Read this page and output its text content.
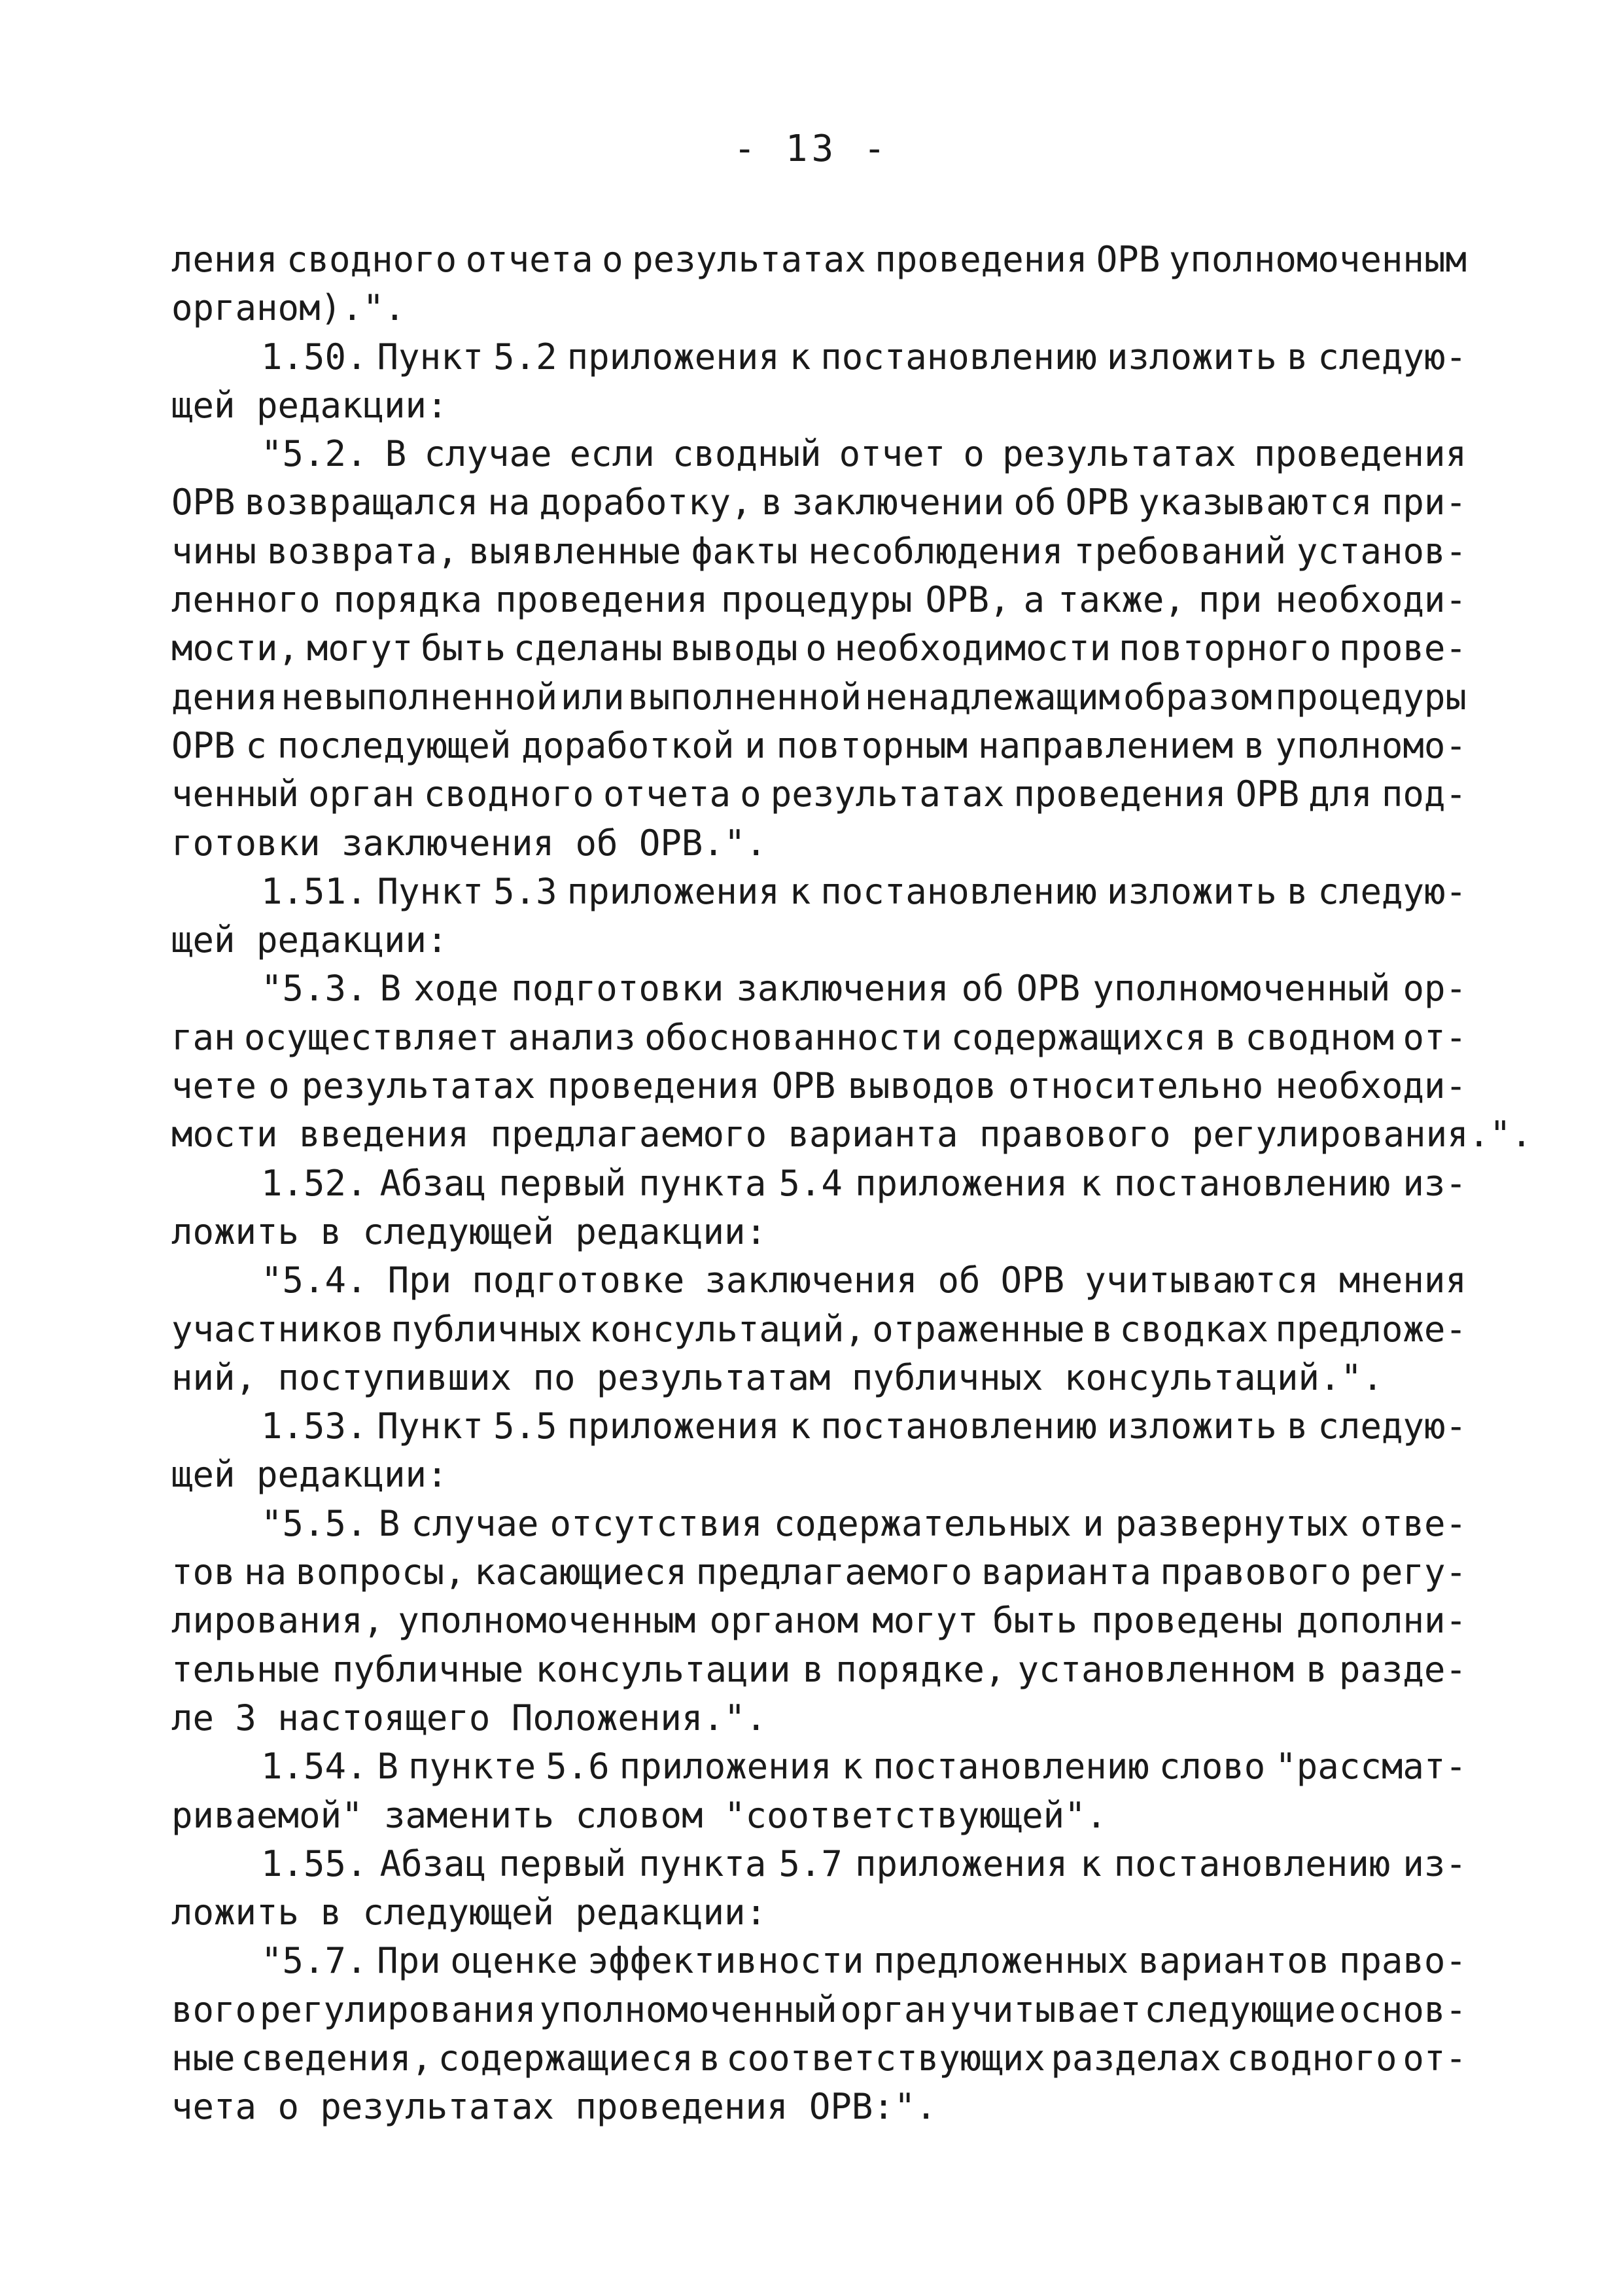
- 13 -
ления сводного отчета о результатах проведения ОРВ уполномоченным
органом).".
1.50. Пункт 5.2 приложения к постановлению изложить в следую-
щей редакции:
"5.2. В случае если сводный отчет о результатах проведения
ОРВ возвращался на доработку, в заключении об ОРВ указываются при-
чины возврата, выявленные факты несоблюдения требований установ-
ленного порядка проведения процедуры ОРВ, а также, при необходи-
мости, могут быть сделаны выводы о необходимости повторного прове-
дения невыполненной или выполненной ненадлежащим образом процедуры
ОРВ с последующей доработкой и повторным направлением в уполномо-
ченный орган сводного отчета о результатах проведения ОРВ для под-
готовки заключения об ОРВ.".
1.51. Пункт 5.3 приложения к постановлению изложить в следую-
щей редакции:
"5.3. В ходе подготовки заключения об ОРВ уполномоченный ор-
ган осуществляет анализ обоснованности содержащихся в сводном от-
чете о результатах проведения ОРВ выводов относительно необходи-
мости введения предлагаемого варианта правового регулирования.".
1.52. Абзац первый пункта 5.4 приложения к постановлению из-
ложить в следующей редакции:
"5.4. При подготовке заключения об ОРВ учитываются мнения
участников публичных консультаций, отраженные в сводках предложе-
ний, поступивших по результатам публичных консультаций.".
1.53. Пункт 5.5 приложения к постановлению изложить в следую-
щей редакции:
"5.5. В случае отсутствия содержательных и развернутых отве-
тов на вопросы, касающиеся предлагаемого варианта правового регу-
лирования, уполномоченным органом могут быть проведены дополни-
тельные публичные консультации в порядке, установленном в разде-
ле 3 настоящего Положения.".
1.54. В пункте 5.6 приложения к постановлению слово "рассмат-
риваемой" заменить словом "соответствующей".
1.55. Абзац первый пункта 5.7 приложения к постановлению из-
ложить в следующей редакции:
"5.7. При оценке эффективности предложенных вариантов право-
вого регулирования уполномоченный орган учитывает следующие основ-
ные сведения, содержащиеся в соответствующих разделах сводного от-
чета о результатах проведения ОРВ:".
